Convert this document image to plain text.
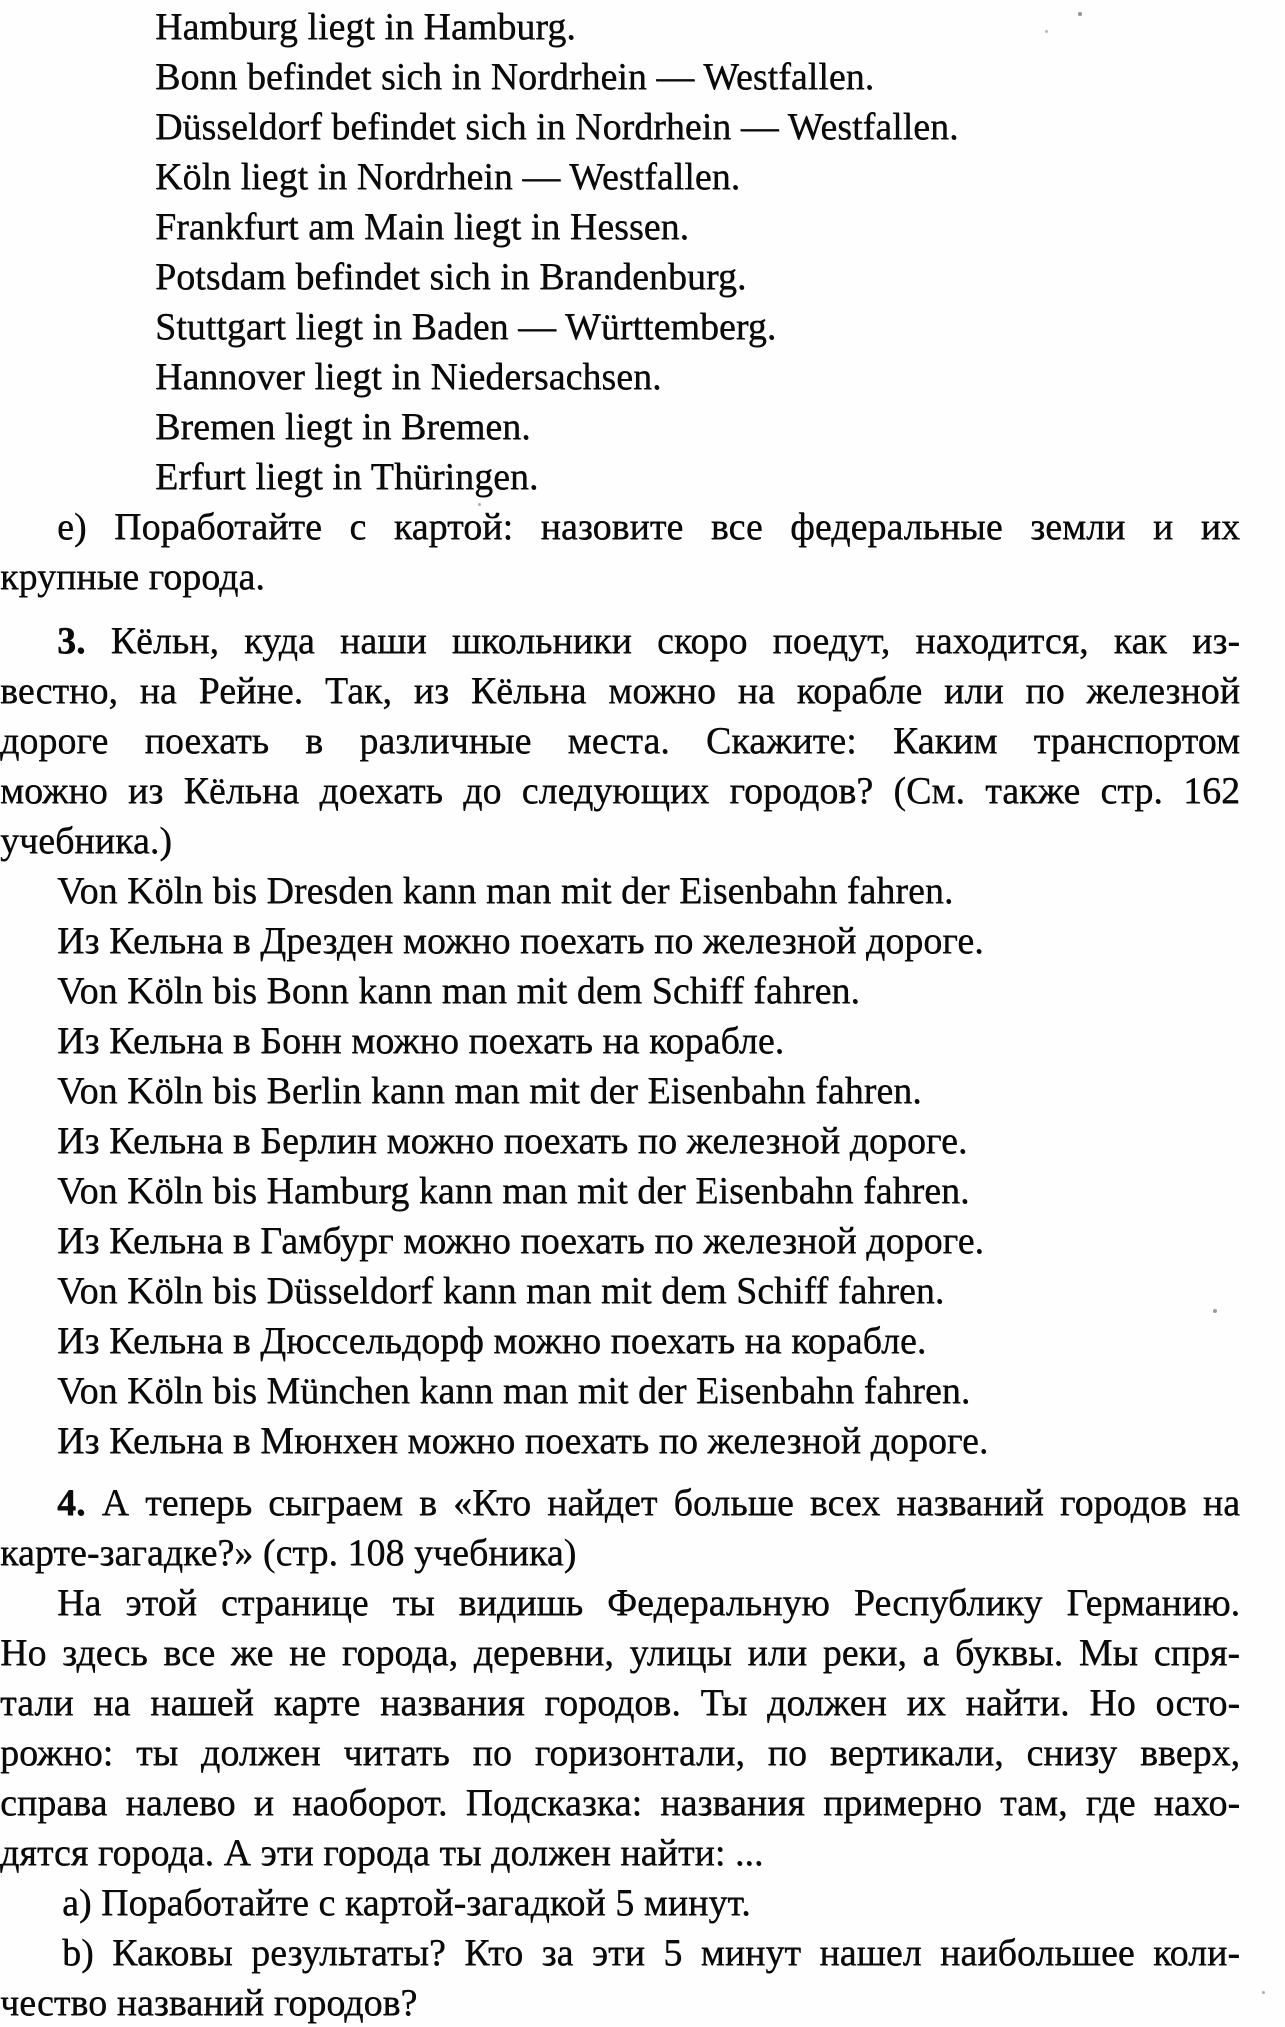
Hamburg liegt in Hamburg.
Bonn befindet sich in Nordrhein — Westfallen.
Düsseldorf befindet sich in Nordrhein — Westfallen.
Köln liegt in Nordrhein — Westfallen.
Frankfurt am Main liegt in Hessen.
Potsdam befindet sich in Brandenburg.
Stuttgart liegt in Baden — Württemberg.
Hannover liegt in Niedersachsen.
Bremen liegt in Bremen.
Erfurt liegt in Thüringen.
e) Поработайте с картой: назовите все федеральные земли и их
крупные города.
3. Кёльн, куда наши школьники скоро поедут, находится, как из-
вестно, на Рейне. Так, из Кёльна можно на корабле или по железной
дороге поехать в различные места. Скажите: Каким транспортом
можно из Кёльна доехать до следующих городов? (См. также стр. 162
учебника.)
Von Köln bis Dresden kann man mit der Eisenbahn fahren.
Из Кельна в Дрезден можно поехать по железной дороге.
Von Köln bis Bonn kann man mit dem Schiff fahren.
Из Кельна в Бонн можно поехать на корабле.
Von Köln bis Berlin kann man mit der Eisenbahn fahren.
Из Кельна в Берлин можно поехать по железной дороге.
Von Köln bis Hamburg kann man mit der Eisenbahn fahren.
Из Кельна в Гамбург можно поехать по железной дороге.
Von Köln bis Düsseldorf kann man mit dem Schiff fahren.
Из Кельна в Дюссельдорф можно поехать на корабле.
Von Köln bis München kann man mit der Eisenbahn fahren.
Из Кельна в Мюнхен можно поехать по железной дороге.
4. А теперь сыграем в «Кто найдет больше всех названий городов на
карте-загадке?» (стр. 108 учебника)
На этой странице ты видишь Федеральную Республику Германию.
Но здесь все же не города, деревни, улицы или реки, а буквы. Мы спря-
тали на нашей карте названия городов. Ты должен их найти. Но осто-
рожно: ты должен читать по горизонтали, по вертикали, снизу вверх,
справа налево и наоборот. Подсказка: названия примерно там, где нахо-
дятся города. А эти города ты должен найти: ...
a) Поработайте с картой-загадкой 5 минут.
b) Каковы результаты? Кто за эти 5 минут нашел наибольшее коли-
чество названий городов?
